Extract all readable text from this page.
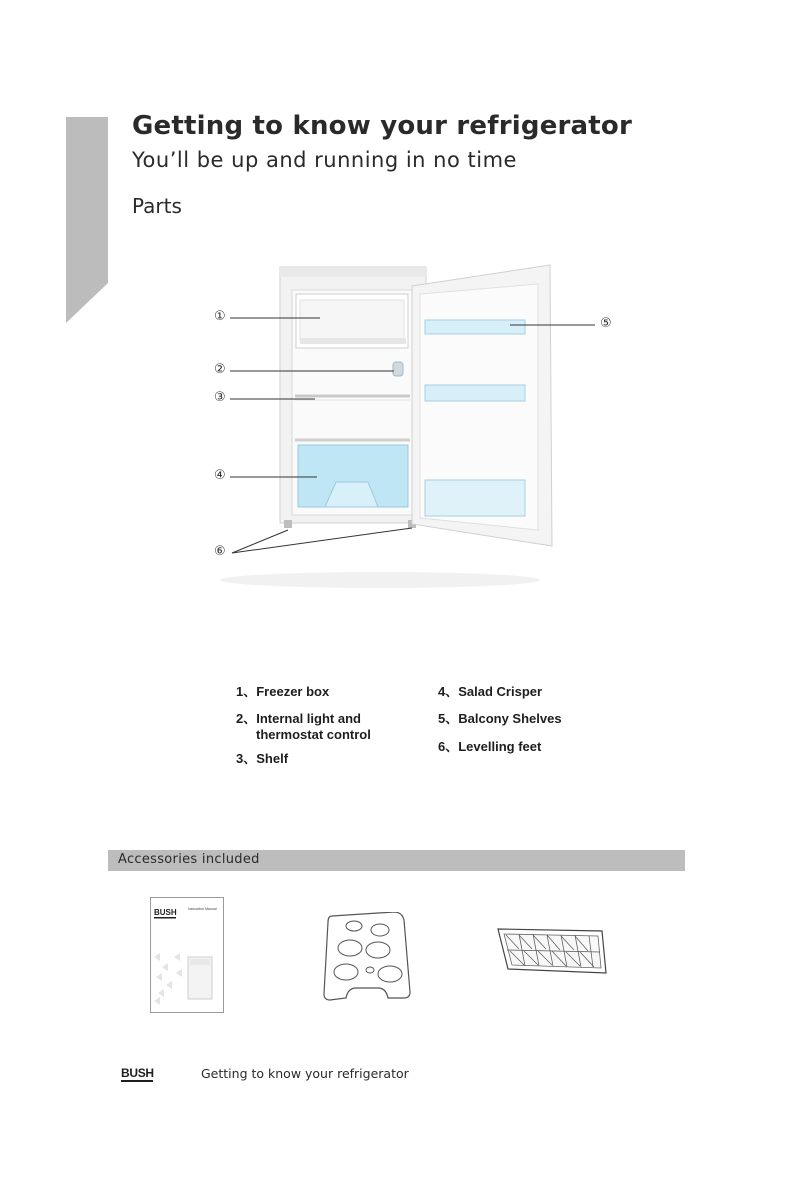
Getting to know your refrigerator
You’ll be up and running in no time
Parts
①
②
③
④
⑤
⑥
1、Freezer box
2、Internal light and
thermostat control
3、Shelf
4、Salad Crisper
5、Balcony Shelves
6、Levelling feet
Accessories included
BUSH	Instruction Manual
BUSH	Getting to know your refrigerator
